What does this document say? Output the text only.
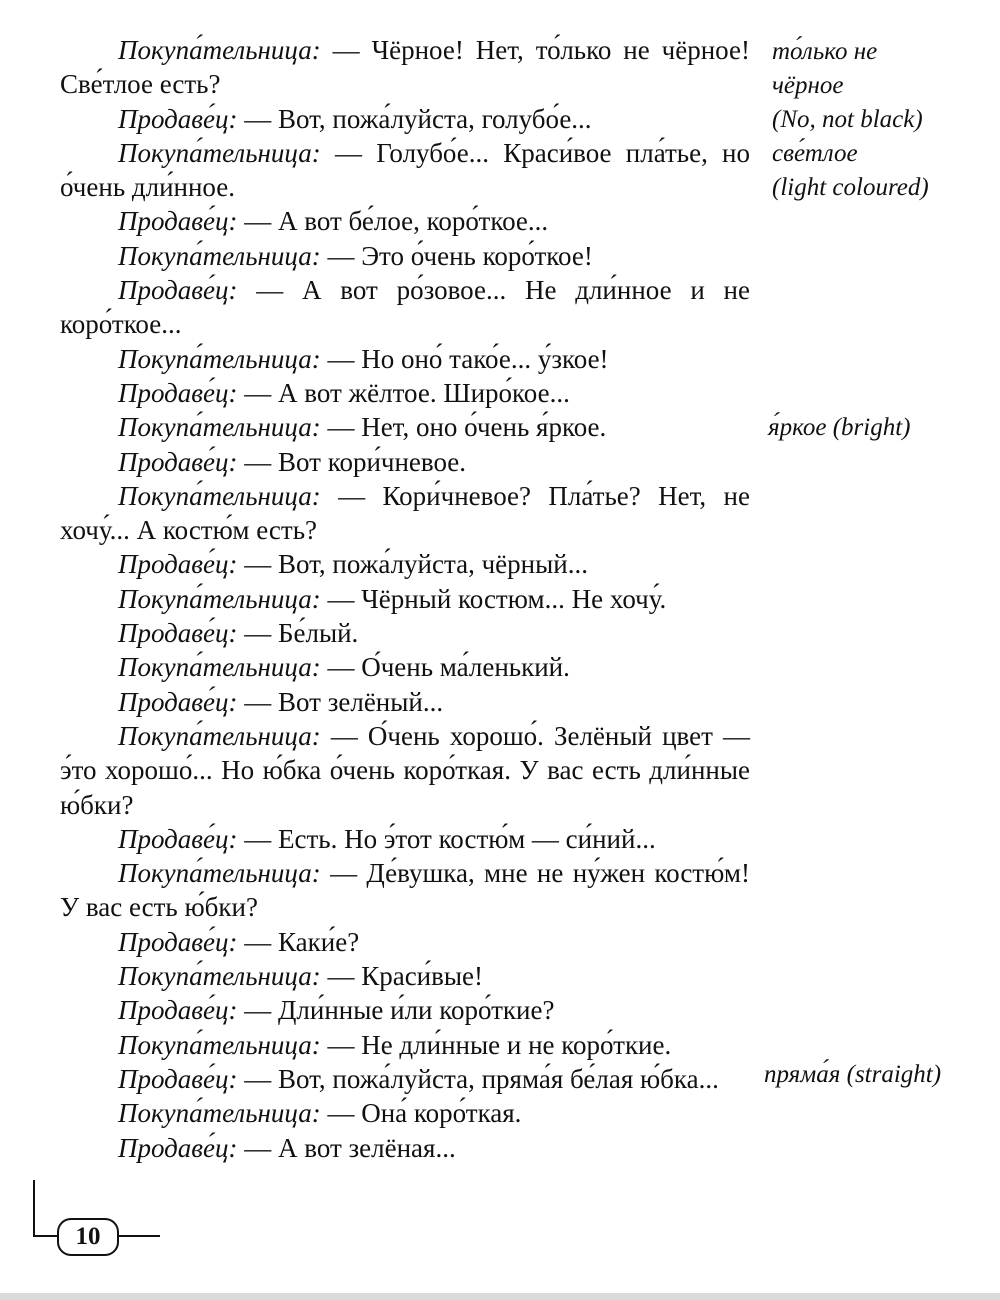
Покупа́тельница: — Чёрное! Нет, то́лько не чёрное! Све́тлое есть?

Продаве́ц: — Вот, пожа́луйста, голубо́е...

Покупа́тельница: — Голубо́е... Краси́вое пла́тье, но о́чень дли́нное.

Продаве́ц: — А вот бе́лое, коро́ткое...

Покупа́тельница: — Это о́чень коро́ткое!

Продаве́ц: — А вот ро́зовое... Не дли́нное и не коро́ткое...

Покупа́тельница: — Но оно́ тако́е... у́зкое!

Продаве́ц: — А вот жёлтое. Широ́кое...

Покупа́тельница: — Нет, оно о́чень я́ркое.

Продаве́ц: — Вот кори́чневое.

Покупа́тельница: — Кори́чневое? Пла́тье? Нет, не хочу́... А костю́м есть?

Продаве́ц: — Вот, пожа́луйста, чёрный...

Покупа́тельница: — Чёрный костюм... Не хочу́.

Продаве́ц: — Бе́лый.

Покупа́тельница: — О́чень ма́ленький.

Продаве́ц: — Вот зелёный...

Покупа́тельница: — О́чень хорошо́. Зелёный цвет — э́то хорошо́... Но ю́бка о́чень коро́ткая. У вас есть дли́нные ю́бки?

Продаве́ц: — Есть. Но э́тот костю́м — си́ний...

Покупа́тельница: — Де́вушка, мне не ну́жен костю́м! У вас есть ю́бки?

Продаве́ц: — Каки́е?

Покупа́тельница: — Краси́вые!

Продаве́ц: — Дли́нные и́ли коро́ткие?

Покупа́тельница: — Не дли́нные и не коро́ткие.

Продаве́ц: — Вот, пожа́луйста, пряма́я бе́лая ю́бка...

Покупа́тельница: — Она́ коро́ткая.

Продаве́ц: — А вот зелёная...

то́лько не
чёрное
(No, not black)
све́тлое
(light coloured)
я́ркое (bright)
пряма́я (straight)
10
